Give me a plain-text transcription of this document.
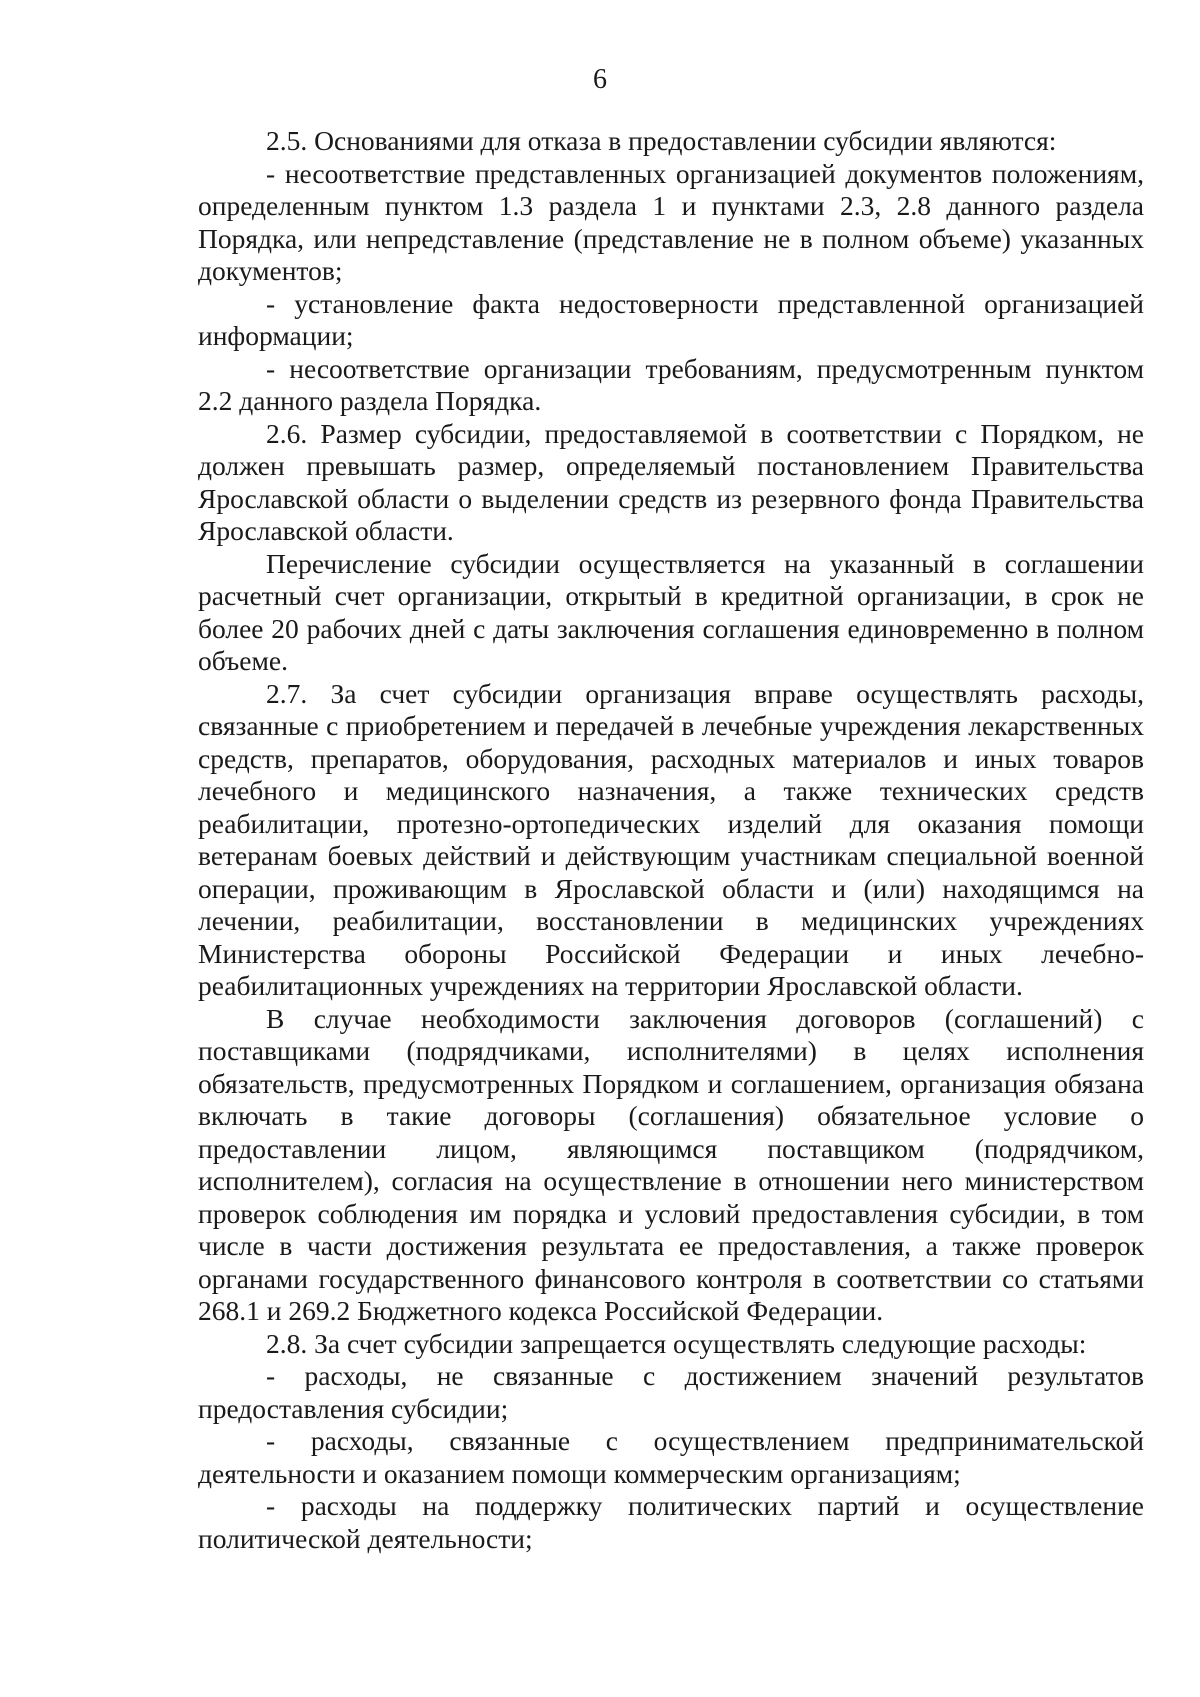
6

2.5. Основаниями для отказа в предоставлении субсидии являются:

- несоответствие представленных организацией документов положениям, определенным пунктом 1.3 раздела 1 и пунктами 2.3, 2.8 данного раздела Порядка, или непредставление (представление не в полном объеме) указанных документов;

- установление факта недостоверности представленной организацией информации;

- несоответствие организации требованиям, предусмотренным пунктом 2.2 данного раздела Порядка.

2.6. Размер субсидии, предоставляемой в соответствии с Порядком, не должен превышать размер, определяемый постановлением Правительства Ярославской области о выделении средств из резервного фонда Правительства Ярославской области.

Перечисление субсидии осуществляется на указанный в соглашении расчетный счет организации, открытый в кредитной организации, в срок не более 20 рабочих дней с даты заключения соглашения единовременно в полном объеме.

2.7. За счет субсидии организация вправе осуществлять расходы, связанные с приобретением и передачей в лечебные учреждения лекарственных средств, препаратов, оборудования, расходных материалов и иных товаров лечебного и медицинского назначения, а также технических средств реабилитации, протезно-ортопедических изделий для оказания помощи ветеранам боевых действий и действующим участникам специальной военной операции, проживающим в Ярославской области и (или) находящимся на лечении, реабилитации, восстановлении в медицинских учреждениях Министерства обороны Российской Федерации и иных лечебно-реабилитационных учреждениях на территории Ярославской области.

В случае необходимости заключения договоров (соглашений) с поставщиками (подрядчиками, исполнителями) в целях исполнения обязательств, предусмотренных Порядком и соглашением, организация обязана включать в такие договоры (соглашения) обязательное условие о предоставлении лицом, являющимся поставщиком (подрядчиком, исполнителем), согласия на осуществление в отношении него министерством проверок соблюдения им порядка и условий предоставления субсидии, в том числе в части достижения результата ее предоставления, а также проверок органами государственного финансового контроля в соответствии со статьями 268.1 и 269.2 Бюджетного кодекса Российской Федерации.

2.8. За счет субсидии запрещается осуществлять следующие расходы:

- расходы, не связанные с достижением значений результатов предоставления субсидии;

- расходы, связанные с осуществлением предпринимательской деятельности и оказанием помощи коммерческим организациям;

- расходы на поддержку политических партий и осуществление политической деятельности;
